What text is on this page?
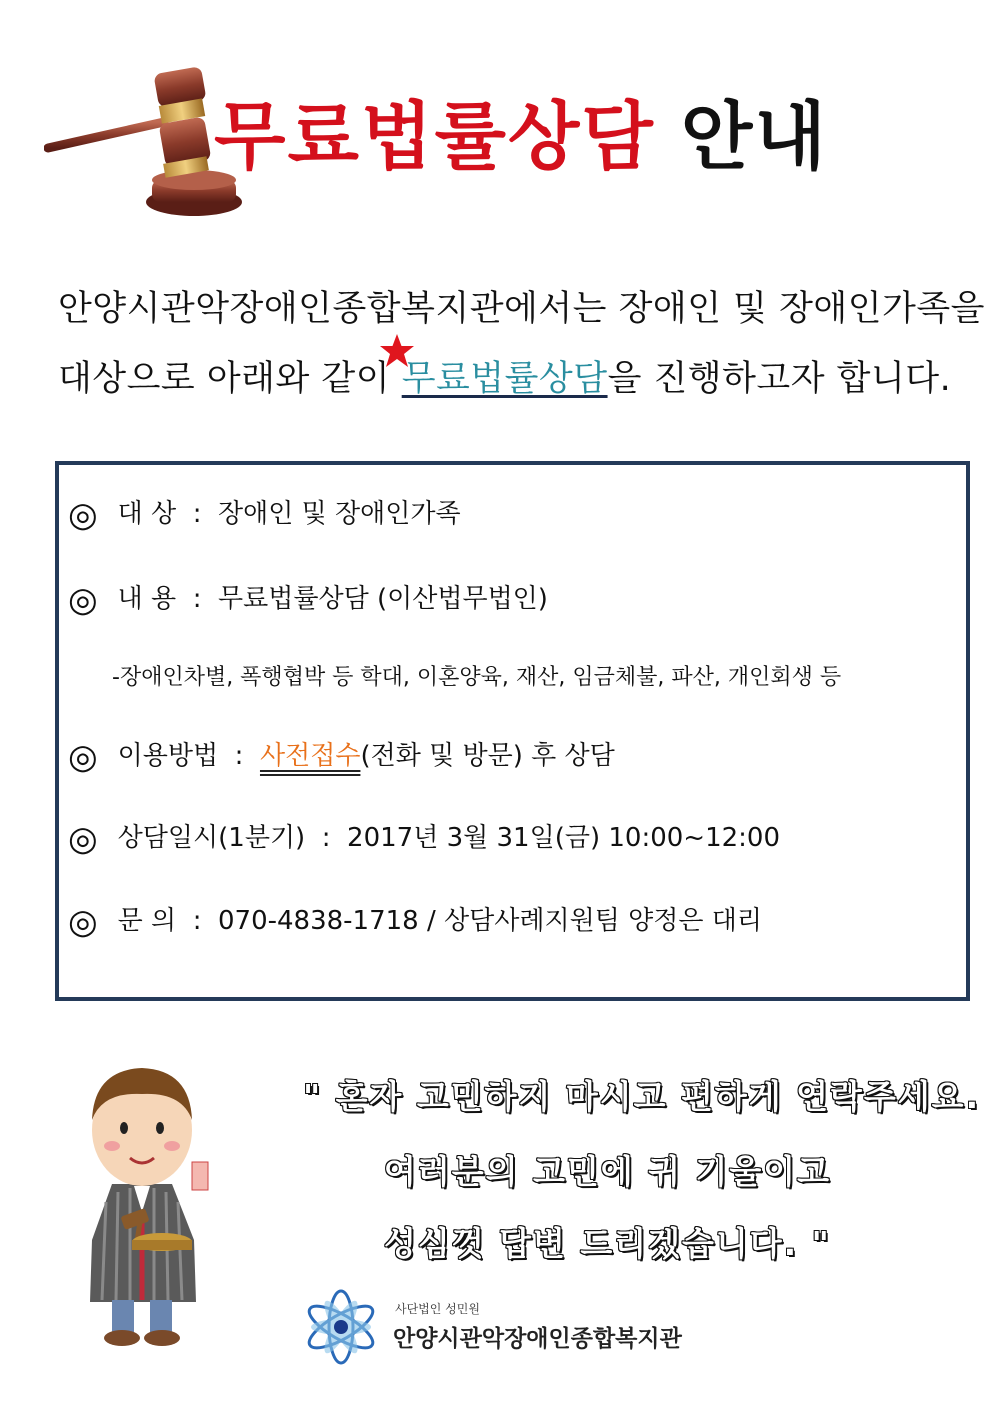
무료법률상담 안내
안양시관악장애인종합복지관에서는 장애인 및 장애인가족을
대상으로 아래와 같이 무료법률상담을 진행하고자 합니다.
◎ 대 상 : 장애인 및 장애인가족
◎ 내 용 : 무료법률상담 (이산법무법인)
-장애인차별, 폭행협박 등 학대, 이혼양육, 재산, 임금체불, 파산, 개인회생 등
◎ 이용방법 : 사전접수(전화 및 방문) 후 상담
◎ 상담일시(1분기) : 2017년 3월 31일(금) 10:00~12:00
◎ 문 의 : 070-4838-1718 / 상담사례지원팀 양정은 대리
" 혼자 고민하지 마시고 편하게 연락주세요.
여러분의 고민에 귀 기울이고
성심껏 답변 드리겠습니다. "
사단법인 성민원
안양시관악장애인종합복지관
